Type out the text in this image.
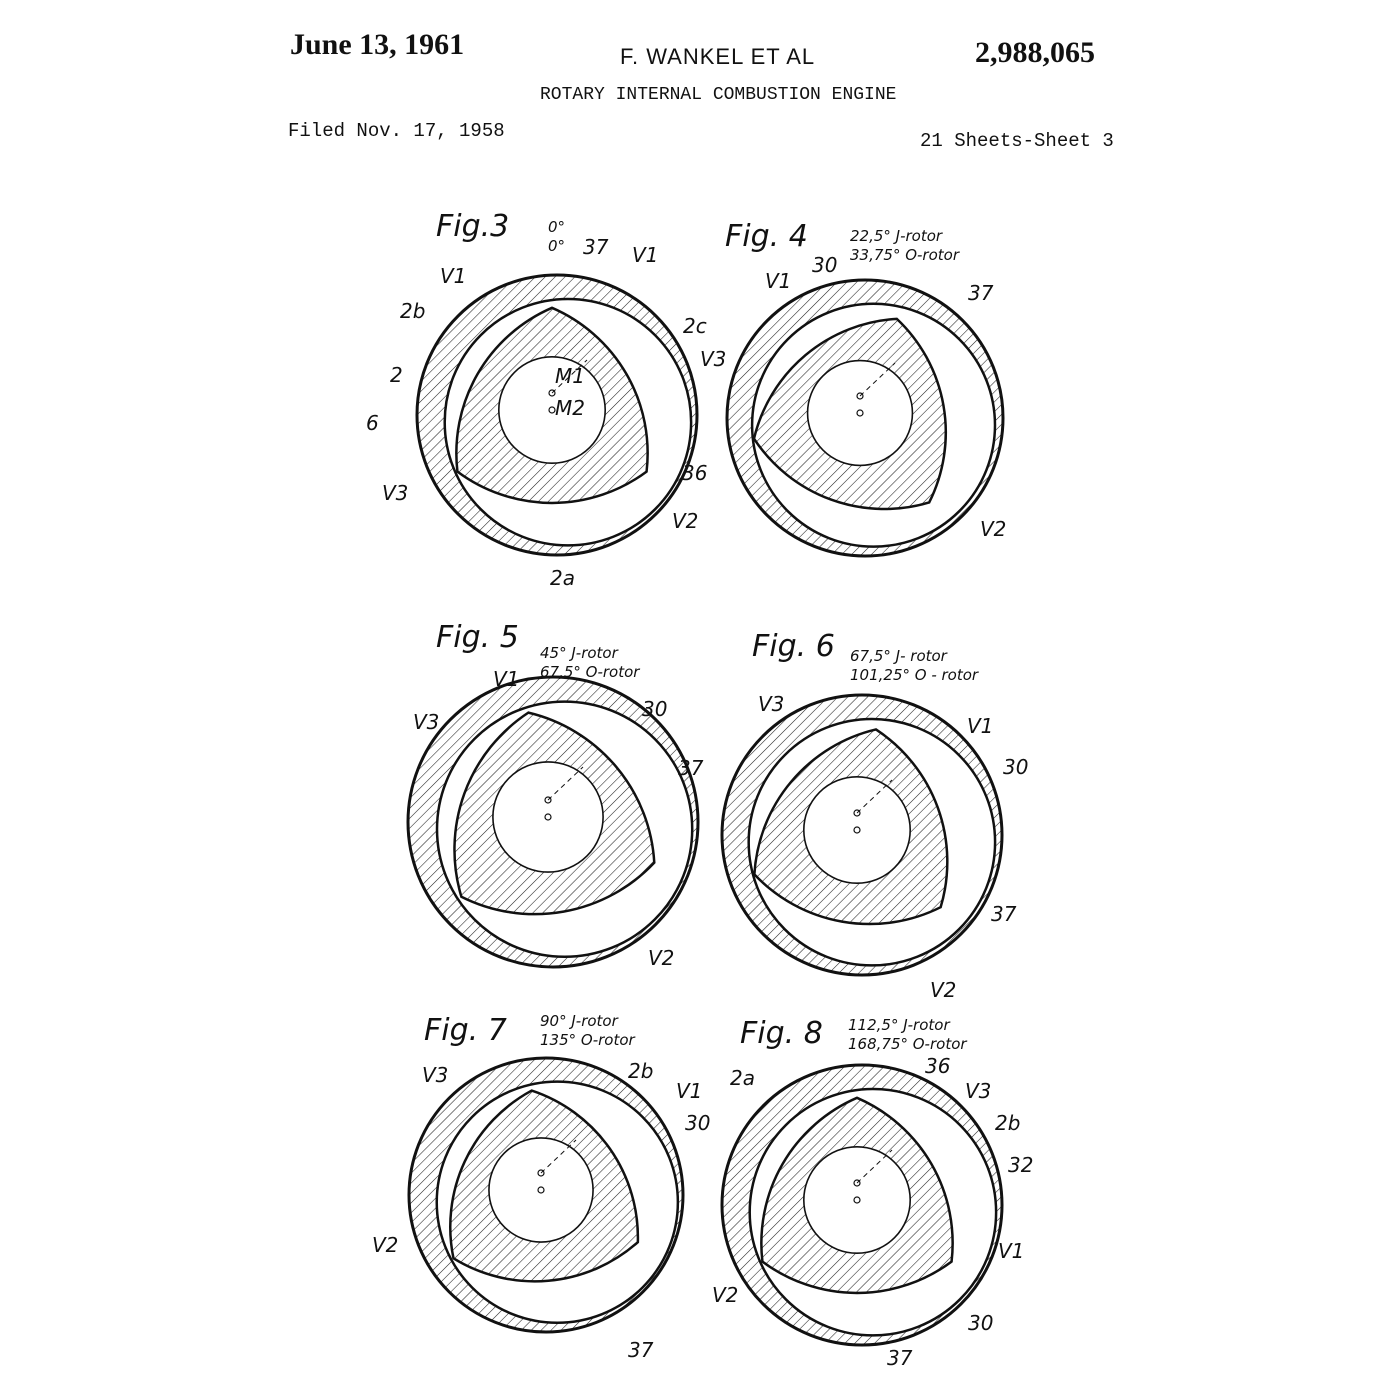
June 13, 1961	F. WANKEL ET AL	2,988,065
ROTARY INTERNAL COMBUSTION ENGINE
Filed Nov. 17, 1958	21 Sheets-Sheet 3
Fig.3	0°
0°
V1
37 V1
2b
2c
2	M1
M2
6
36
V3
V2
2a
Fig. 4	22,5° J-rotor
33,75° O-rotor
30
V1	37
V3
V2
Fig. 5 45° J-rotor
67,5° O-rotor
V1
30
V3
37
V2
Fig. 6 67,5° J- rotor
101,25° O - rotor
V3
V1
30
37
V2
Fig. 7 90° J-rotor
135° O-rotor
V3	2b
V1
30
V2
37
Fig. 8 112,5° J-rotor
168,75° O-rotor
36
2a
V3
2b
32
V1
V2
30
37
